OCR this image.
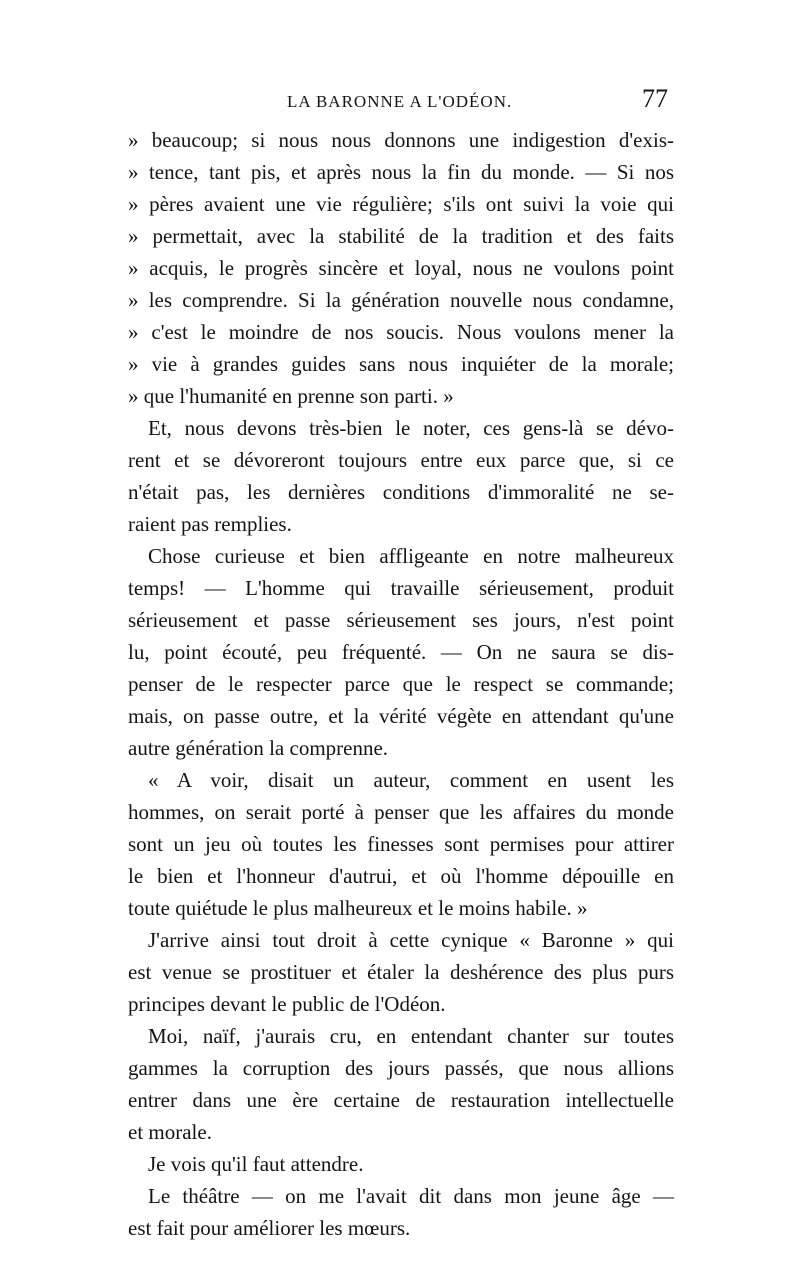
LA BARONNE A L'ODÉON.	77
» beaucoup; si nous nous donnons une indigestion d'exis-
» tence, tant pis, et après nous la fin du monde. — Si nos
» pères avaient une vie régulière; s'ils ont suivi la voie qui
» permettait, avec la stabilité de la tradition et des faits
» acquis, le progrès sincère et loyal, nous ne voulons point
» les comprendre. Si la génération nouvelle nous condamne,
» c'est le moindre de nos soucis. Nous voulons mener la
» vie à grandes guides sans nous inquiéter de la morale;
» que l'humanité en prenne son parti. »
Et, nous devons très-bien le noter, ces gens-là se dévo-
rent et se dévoreront toujours entre eux parce que, si ce
n'était pas, les dernières conditions d'immoralité ne se-
raient pas remplies.
Chose curieuse et bien affligeante en notre malheureux
temps! — L'homme qui travaille sérieusement, produit
sérieusement et passe sérieusement ses jours, n'est point
lu, point écouté, peu fréquenté. — On ne saura se dis-
penser de le respecter parce que le respect se commande;
mais, on passe outre, et la vérité végète en attendant qu'une
autre génération la comprenne.
« A voir, disait un auteur, comment en usent les
hommes, on serait porté à penser que les affaires du monde
sont un jeu où toutes les finesses sont permises pour attirer
le bien et l'honneur d'autrui, et où l'homme dépouille en
toute quiétude le plus malheureux et le moins habile. »
J'arrive ainsi tout droit à cette cynique « Baronne » qui
est venue se prostituer et étaler la deshérence des plus purs
principes devant le public de l'Odéon.
Moi, naïf, j'aurais cru, en entendant chanter sur toutes
gammes la corruption des jours passés, que nous allions
entrer dans une ère certaine de restauration intellectuelle
et morale.
Je vois qu'il faut attendre.
Le théâtre — on me l'avait dit dans mon jeune âge —
est fait pour améliorer les mœurs.
